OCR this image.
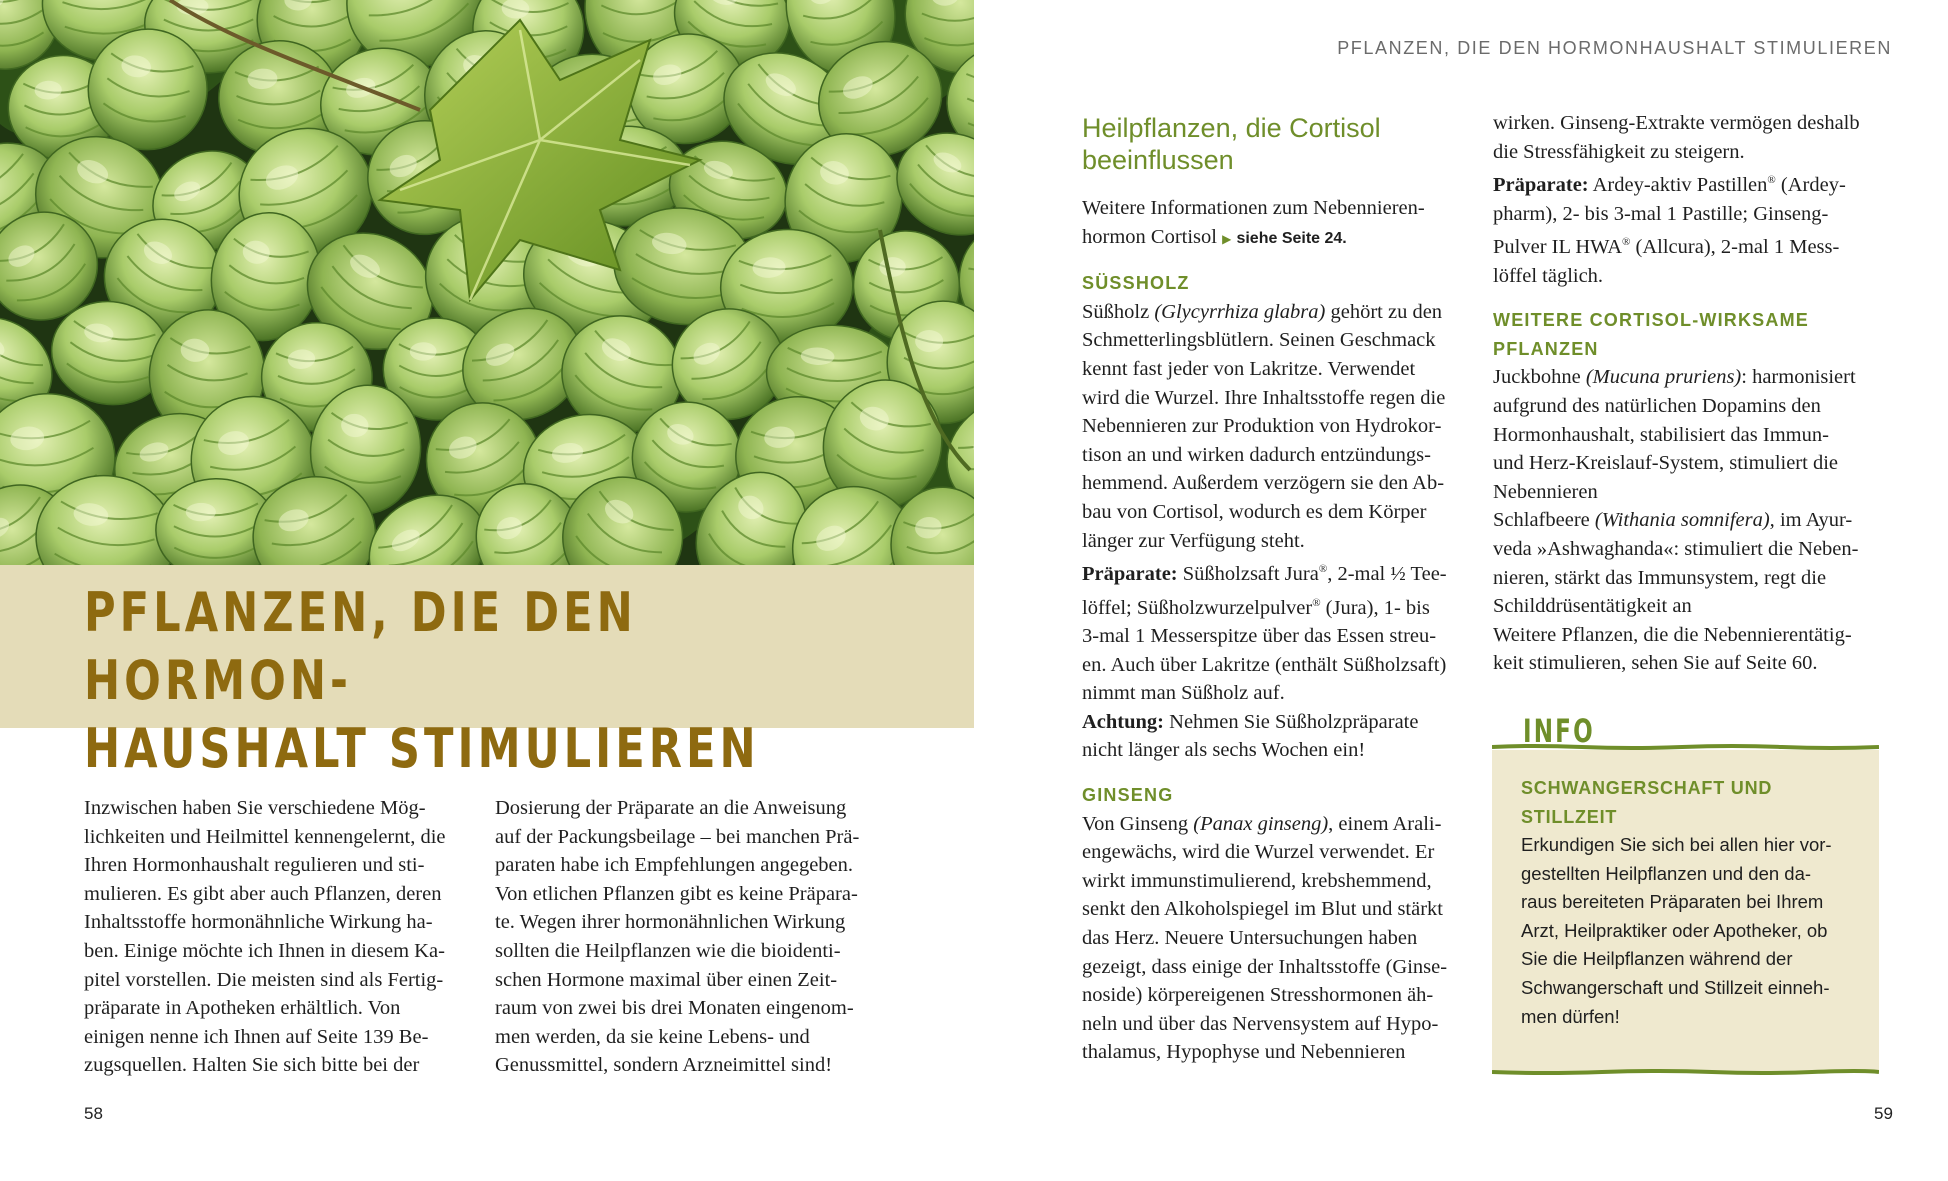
PFLANZEN, DIE DEN HORMON-
HAUSHALT STIMULIEREN
Inzwischen haben Sie verschiedene Mög-
lichkeiten und Heilmittel kennengelernt, die
Ihren Hormonhaushalt regulieren und sti-
mulieren. Es gibt aber auch Pflanzen, deren
Inhaltsstoffe hormonähnliche Wirkung ha-
ben. Einige möchte ich Ihnen in diesem Ka-
pitel vorstellen. Die meisten sind als Fertig-
präparate in Apotheken erhältlich. Von
einigen nenne ich Ihnen auf Seite 139 Be-
zugsquellen. Halten Sie sich bitte bei der
Dosierung der Präparate an die Anweisung
auf der Packungsbeilage – bei manchen Prä-
paraten habe ich Empfehlungen angegeben.
Von etlichen Pflanzen gibt es keine Präpara-
te. Wegen ihrer hormonähnlichen Wirkung
sollten die Heilpflanzen wie die bioidenti-
schen Hormone maximal über einen Zeit-
raum von zwei bis drei Monaten eingenom-
men werden, da sie keine Lebens- und
Genussmittel, sondern Arzneimittel sind!
58
PFLANZEN, DIE DEN HORMONHAUSHALT STIMULIEREN
Heilpflanzen, die Cortisol
beeinflussen
Weitere Informationen zum Nebennieren-
hormon Cortisol ▶ siehe Seite 24.
SÜSSHOLZ
Süßholz (Glycyrrhiza glabra) gehört zu den
Schmetterlingsblütlern. Seinen Geschmack
kennt fast jeder von Lakritze. Verwendet
wird die Wurzel. Ihre Inhaltsstoffe regen die
Nebennieren zur Produktion von Hydrokor-
tison an und wirken dadurch entzündungs-
hemmend. Außerdem verzögern sie den Ab-
bau von Cortisol, wodurch es dem Körper
länger zur Verfügung steht.
Präparate: Süßholzsaft Jura®, 2-mal ½ Tee-
löffel; Süßholzwurzelpulver® (Jura), 1- bis
3-mal 1 Messerspitze über das Essen streu-
en. Auch über Lakritze (enthält Süßholzsaft)
nimmt man Süßholz auf.
Achtung: Nehmen Sie Süßholzpräparate
nicht länger als sechs Wochen ein!
GINSENG
Von Ginseng (Panax ginseng), einem Arali-
engewächs, wird die Wurzel verwendet. Er
wirkt immunstimulierend, krebshemmend,
senkt den Alkoholspiegel im Blut und stärkt
das Herz. Neuere Untersuchungen haben
gezeigt, dass einige der Inhaltsstoffe (Ginse-
noside) körpereigenen Stresshormonen äh-
neln und über das Nervensystem auf Hypo-
thalamus, Hypophyse und Nebennieren
wirken. Ginseng-Extrakte vermögen deshalb
die Stressfähigkeit zu steigern.
Präparate: Ardey-aktiv Pastillen® (Ardey-
pharm), 2- bis 3-mal 1 Pastille; Ginseng-
Pulver IL HWA® (Allcura), 2-mal 1 Mess-
löffel täglich.
WEITERE CORTISOL-WIRKSAME
PFLANZEN
Juckbohne (Mucuna pruriens): harmonisiert
aufgrund des natürlichen Dopamins den
Hormonhaushalt, stabilisiert das Immun-
und Herz-Kreislauf-System, stimuliert die
Nebennieren
Schlafbeere (Withania somnifera), im Ayur-
veda »Ashwaghanda«: stimuliert die Neben-
nieren, stärkt das Immunsystem, regt die
Schilddrüsentätigkeit an
Weitere Pflanzen, die die Nebennierentätig-
keit stimulieren, sehen Sie auf Seite 60.
59
INFO
SCHWANGERSCHAFT UND
STILLZEIT

Erkundigen Sie sich bei allen hier vor-
gestellten Heilpflanzen und den da-
raus bereiteten Präparaten bei Ihrem
Arzt, Heilpraktiker oder Apotheker, ob
Sie die Heilpflanzen während der
Schwangerschaft und Stillzeit einneh-
men dürfen!
